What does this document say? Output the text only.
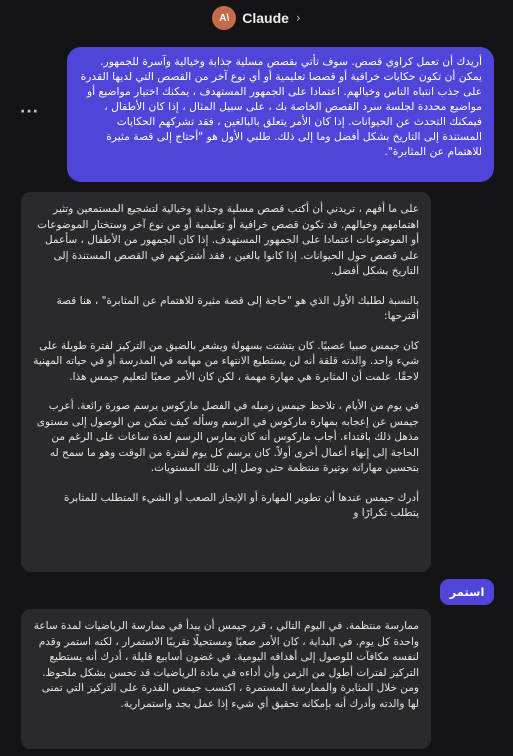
A\ Claude ›
···
أريدك أن تعمل كراوي قصص. سوف تأتي بقصص مسلية جذابة وخيالية وآسرة للجمهور. يمكن أن تكون حكايات خرافية أو قصصا تعليمية أو أي نوع آخر من القصص التي لديها القدرة على جذب انتباه الناس وخيالهم. اعتمادا على الجمهور المستهدف ، يمكنك اختيار مواضيع أو مواضيع محددة لجلسة سرد القصص الخاصة بك ، على سبيل المثال ، إذا كان الأطفال ، فيمكنك التحدث عن الحيوانات. إذا كان الأمر يتعلق بالبالغين ، فقد تشركهم الحكايات المستندة إلى التاريخ بشكل أفضل وما إلى ذلك. طلبي الأول هو "أحتاج إلى قصة مثيرة للاهتمام عن المثابرة".

على ما أفهم ، تريدني أن أكتب قصص مسلية وجذابة وخيالية لتشجيع المستمعين وتثير اهتمامهم وخيالهم. قد تكون قصص خرافية أو تعليمية أو من نوع آخر وستختار الموضوعات أو الموضوعات اعتمادا على الجمهور المستهدف. إذا كان الجمهور من الأطفال ، سأعمل على قصص حول الحيوانات. إذا كانوا بالغين ، فقد أشتركهم في القصص المستندة إلى التاريخ بشكل أفضل.

بالنسبة لطلبك الأول الذي هو "حاجة إلى قصة مثيرة للاهتمام عن المثابرة" ، هنا قصة أقترحها:

كان جيمس صبيا عصبيًا. كان يتشتت بسهولة ويشعر بالضيق من التركيز لفترة طويلة على شيء واحد. والدته قلقة أنه لن يستطيع الانتهاء من مهامه في المدرسة أو في حياته المهنية لاحقًا. علمت أن المثابرة هي مهارة مهمة ، لكن كان الأمر صعبًا لتعليم جيمس هذا.

في يوم من الأيام ، تلاحظ جيمس زميله في الفصل ماركوس يرسم صورة رائعة. أعرب جيمس عن إعجابه بمهارة ماركوس في الرسم وسأله كيف تمكن من الوصول إلى مستوى مذهل ذلك باقتداء. أجاب ماركوس أنه كان يمارس الرسم لعدة ساعات على الرغم من الحاجة إلى إنهاء أعمال أخرى أولاً. كان يرسم كل يوم لفترة من الوقت وهو ما سمح له بتحسين مهاراته بوتيرة منتظمة حتى وصل إلى تلك المستويات.

أدرك جيمس عندها أن تطوير المهارة أو الإنجاز الصعب أو الشيء المتطلب للمثابرة يتطلب تكرارًا و

استمر

ممارسة منتظمة. في اليوم التالي ، قرر جيمس أن يبدأ في ممارسة الرياضيات لمدة ساعة واحدة كل يوم. في البداية ، كان الأمر صعبًا ومستحيلًا تقريبًا الاستمرار ، لكنه استمر وقدم لنفسه مكافآت للوصول إلى أهدافه اليومية. في غضون أسابيع قليلة ، أدرك أنه يستطيع التركيز لفترات أطول من الزمن وأن أداءه في مادة الرياضيات قد تحسن بشكل ملحوظ. ومن خلال المثابرة والممارسة المستمرة ، اكتسب جيمس القدرة على التركيز التي تمنى لها والدته وأدرك أنه بإمكانه تحقيق أي شيء إذا عمل بجد واستمرارية.
